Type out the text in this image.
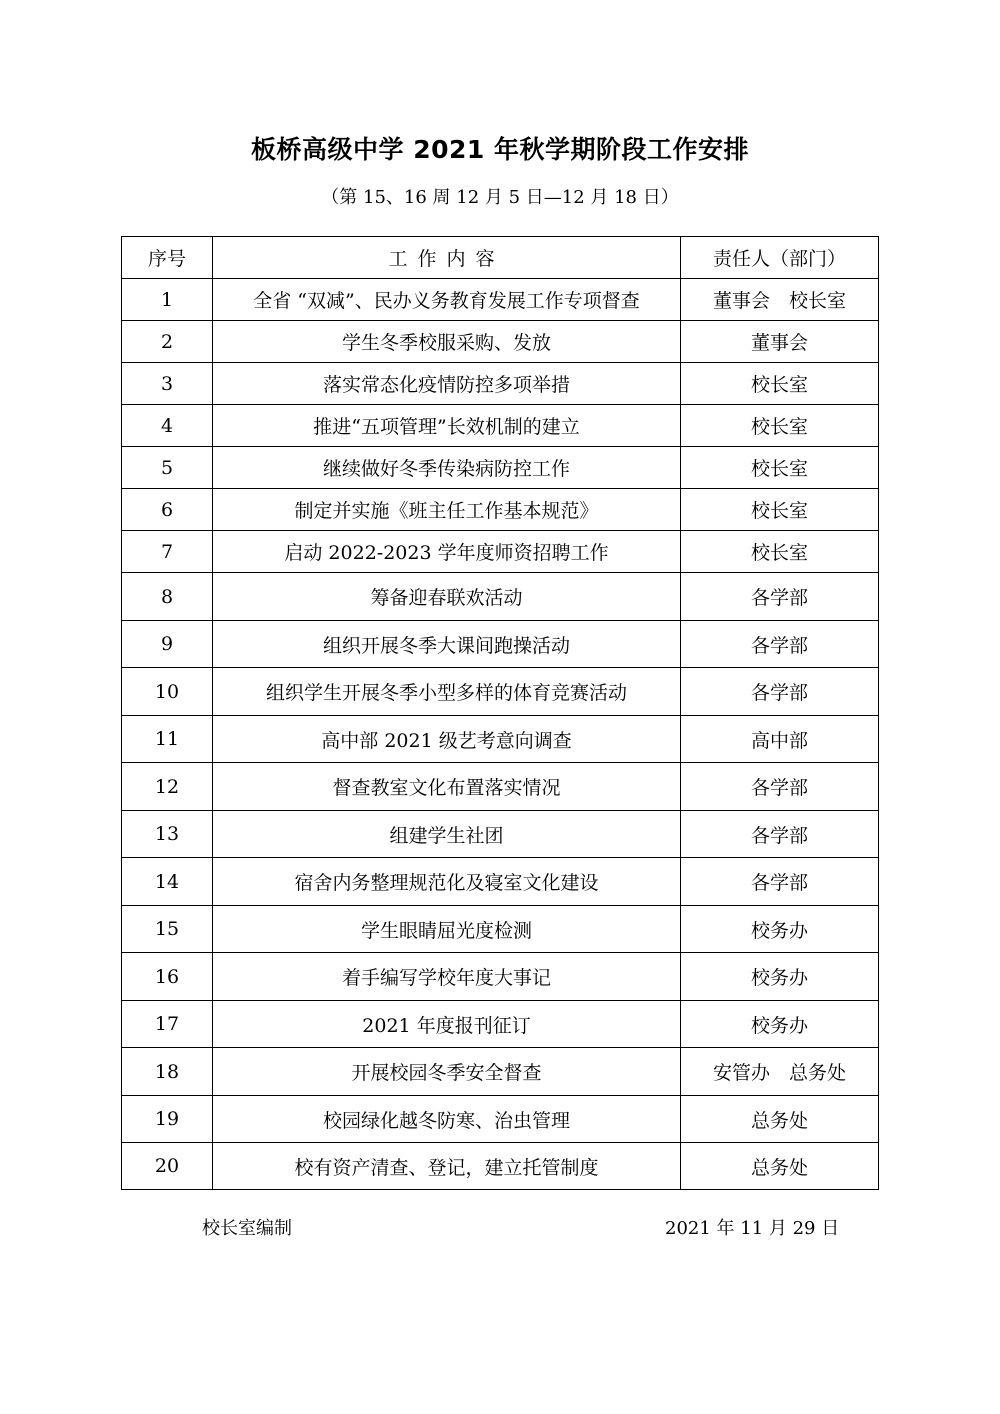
板桥高级中学 2021 年秋学期阶段工作安排
（第 15、16 周 12 月 5 日—12 月 18 日）
序号	工作内容	责任人（部门）
1	全省 “双减”、民办义务教育发展工作专项督查	董事会　校长室
2	学生冬季校服采购、发放	董事会
3	落实常态化疫情防控多项举措	校长室
4	推进“五项管理”长效机制的建立	校长室
5	继续做好冬季传染病防控工作	校长室
6	制定并实施《班主任工作基本规范》	校长室
7	启动 2022-2023 学年度师资招聘工作	校长室
8	筹备迎春联欢活动	各学部
9	组织开展冬季大课间跑操活动	各学部
10	组织学生开展冬季小型多样的体育竞赛活动	各学部
11	高中部 2021 级艺考意向调查	高中部
12	督查教室文化布置落实情况	各学部
13	组建学生社团	各学部
14	宿舍内务整理规范化及寝室文化建设	各学部
15	学生眼睛屈光度检测	校务办
16	着手编写学校年度大事记	校务办
17	2021 年度报刊征订	校务办
18	开展校园冬季安全督查	安管办　总务处
19	校园绿化越冬防寒、治虫管理	总务处
20	校有资产清查、登记，建立托管制度	总务处
校长室编制	2021 年 11 月 29 日
